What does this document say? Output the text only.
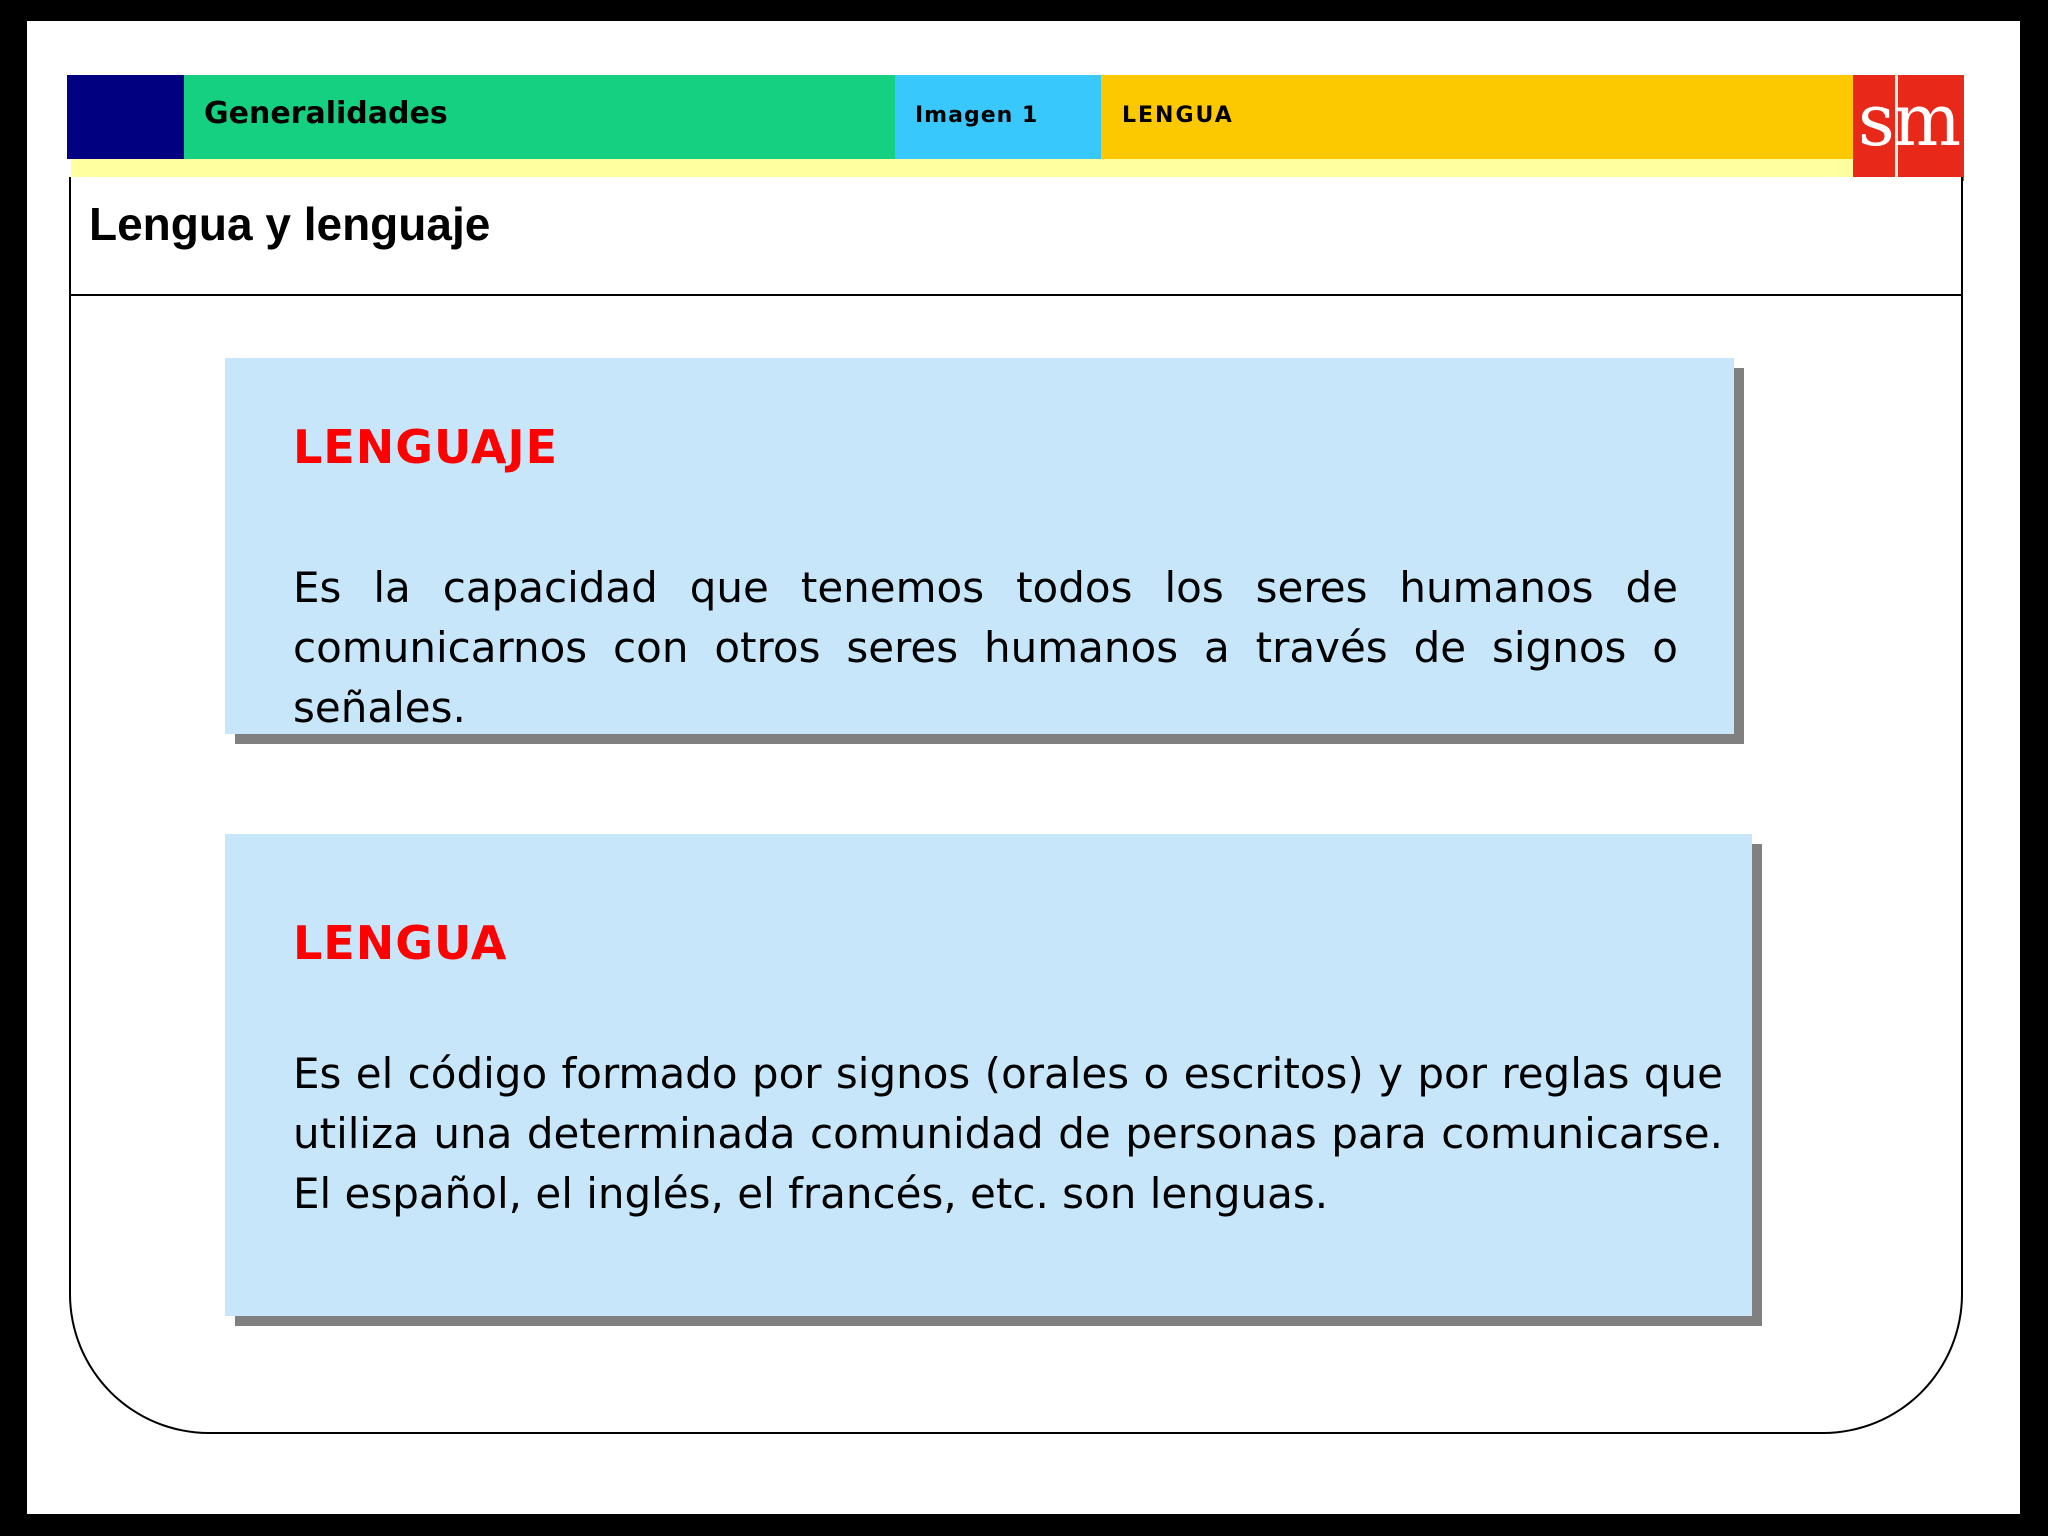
Generalidades	Imagen 1	LENGUA	sm
Lengua y lenguaje
LENGUAJE
Es la capacidad que tenemos todos los seres humanos de comunicarnos con otros seres humanos a través de signos o señales.
LENGUA
Es el código formado por signos (orales o escritos) y por reglas que utiliza una determinada comunidad de personas para comunicarse. El español, el inglés, el francés, etc. son lenguas.
